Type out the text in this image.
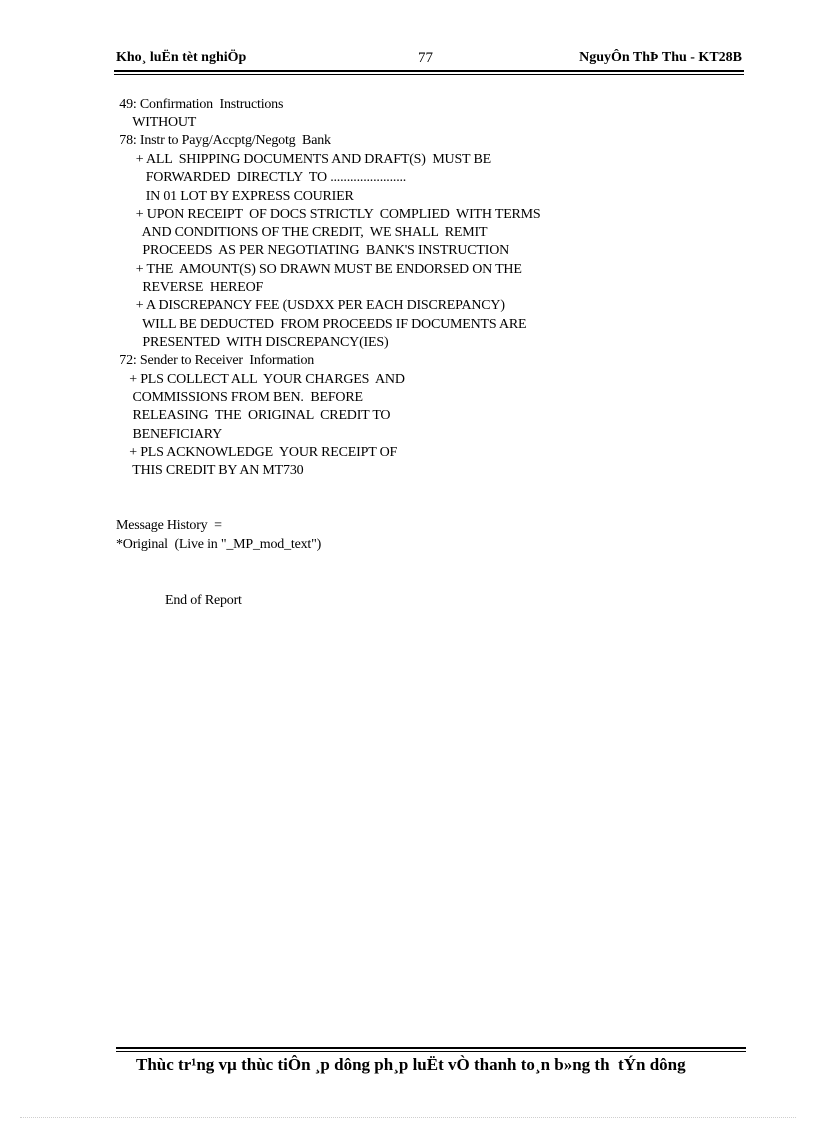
Kho¸ luËn tèt nghiÖp	77	NguyÔn ThÞ Thu - KT28B
49: Confirmation  Instructions
WITHOUT
78: Instr to Payg/Accptg/Negotg  Bank
+ ALL  SHIPPING DOCUMENTS AND DRAFT(S)  MUST BE
FORWARDED  DIRECTLY  TO .......................
IN 01 LOT BY EXPRESS COURIER
+ UPON RECEIPT  OF DOCS STRICTLY  COMPLIED  WITH TERMS
AND CONDITIONS OF THE CREDIT,  WE SHALL  REMIT
PROCEEDS  AS PER NEGOTIATING  BANK'S INSTRUCTION
+ THE  AMOUNT(S) SO DRAWN MUST BE ENDORSED ON THE
REVERSE  HEREOF
+ A DISCREPANCY FEE (USDXX PER EACH DISCREPANCY)
WILL BE DEDUCTED  FROM PROCEEDS IF DOCUMENTS ARE
PRESENTED  WITH DISCREPANCY(IES)
72: Sender to Receiver  Information
+ PLS COLLECT ALL  YOUR CHARGES  AND
COMMISSIONS FROM BEN.  BEFORE
RELEASING  THE  ORIGINAL  CREDIT TO
BENEFICIARY
+ PLS ACKNOWLEDGE  YOUR RECEIPT OF
THIS CREDIT BY AN MT730
Message History  =
*Original  (Live in "_MP_mod_text")
End of Report
Thùc tr¹ng vµ thùc tiÔn ¸p dông ph¸p luËt vÒ thanh to¸n b»ng th  tÝn dông
